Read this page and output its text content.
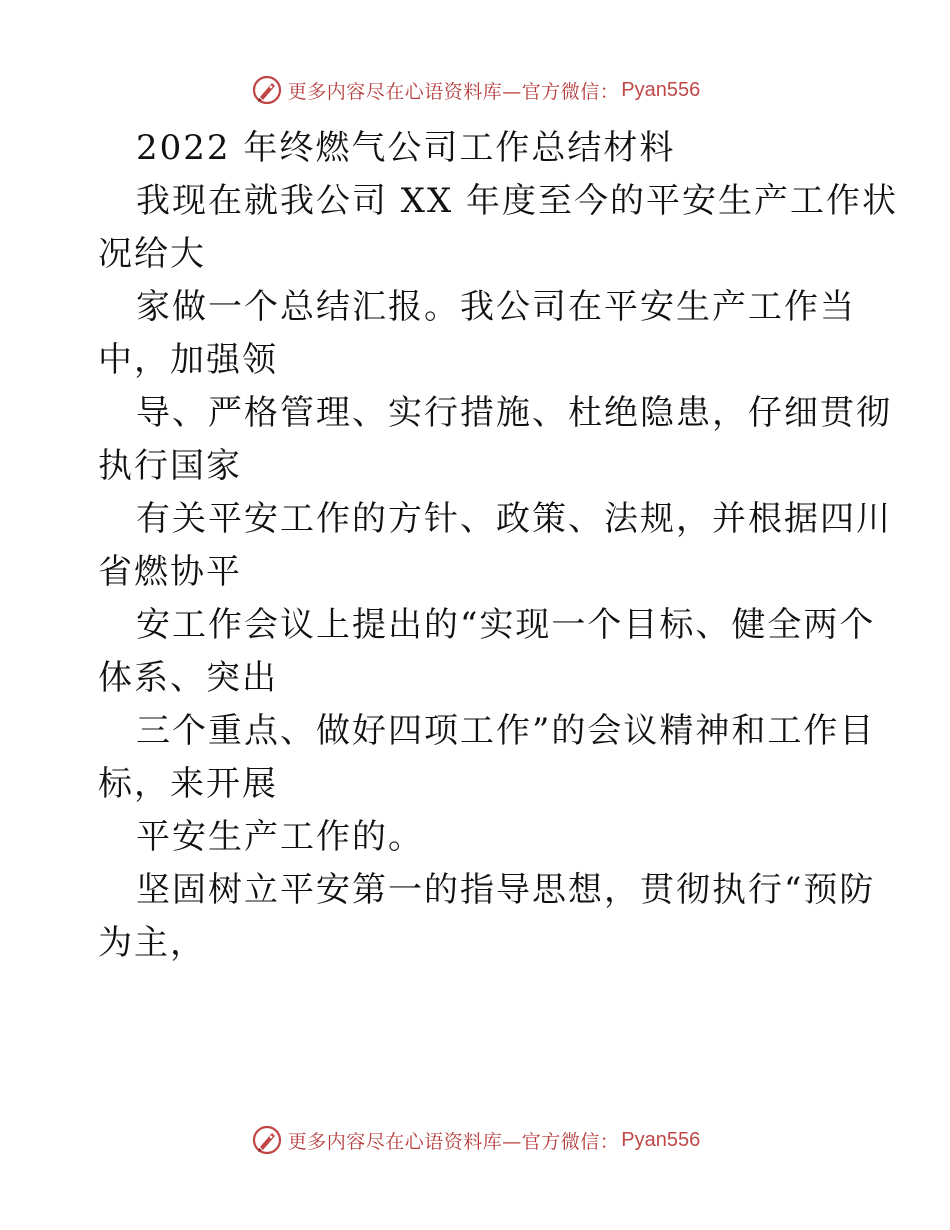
更多内容尽在心语资料库—官方微信： Pyan556
2022 年终燃气公司工作总结材料
我现在就我公司 XX 年度至今的平安生产工作状
况给大
家做一个总结汇报。我公司在平安生产工作当
中，加强领
导、严格管理、实行措施、杜绝隐患，仔细贯彻
执行国家
有关平安工作的方针、政策、法规，并根据四川
省燃协平
安工作会议上提出的“实现一个目标、健全两个
体系、突出
三个重点、做好四项工作”的会议精神和工作目
标，来开展
平安生产工作的。
坚固树立平安第一的指导思想，贯彻执行“预防
为主，
更多内容尽在心语资料库—官方微信： Pyan556
